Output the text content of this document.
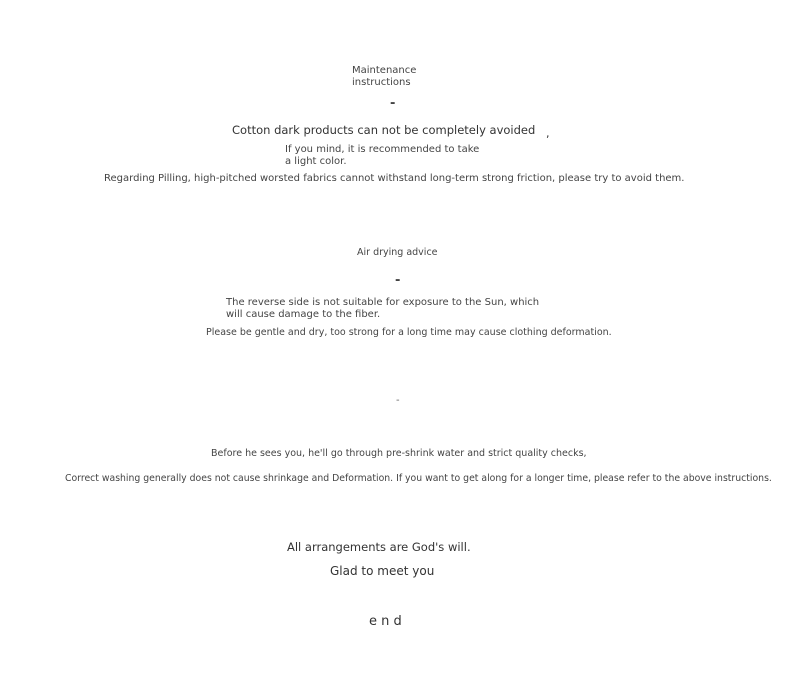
Maintenance instructions
-
Cotton dark products can not be completely avoided ,
If you mind, it is recommended to take a light color.
Regarding Pilling, high-pitched worsted fabrics cannot withstand long-term strong friction, please try to avoid them.
Air drying advice
-
The reverse side is not suitable for exposure to the Sun, which will cause damage to the fiber.
Please be gentle and dry, too strong for a long time may cause clothing deformation.
-
Before he sees you, he'll go through pre-shrink water and strict quality checks,
Correct washing generally does not cause shrinkage and Deformation. If you want to get along for a longer time, please refer to the above instructions.
All arrangements are God's will.
Glad to meet you
e n d
